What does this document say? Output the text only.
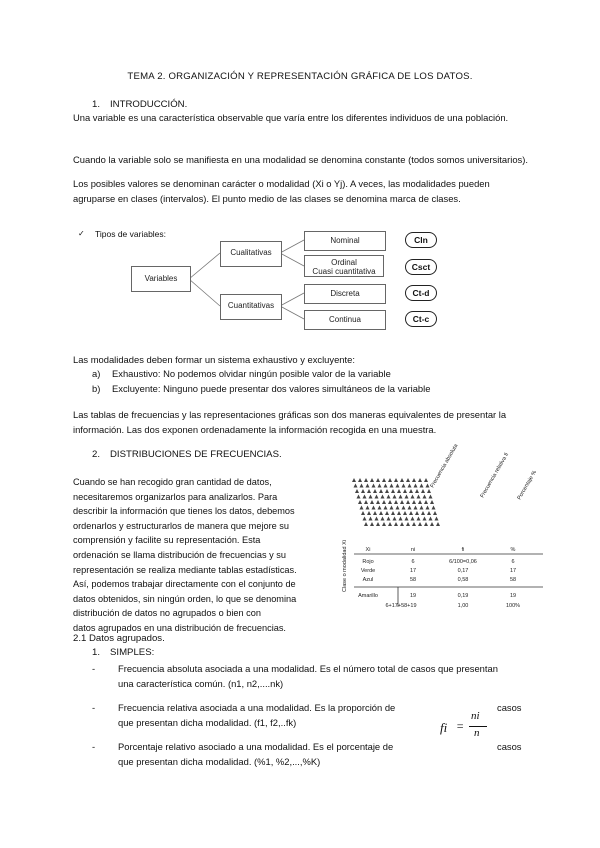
TEMA 2. ORGANIZACIÓN Y REPRESENTACIÓN GRÁFICA DE LOS DATOS.
1. INTRODUCCIÓN.
Una variable es una característica observable que varía entre los diferentes individuos de una población.
Cuando la variable solo se manifiesta en una modalidad se denomina constante (todos somos universitarios).
Los posibles valores se denominan carácter o modalidad (Xi o Yj). A veces, las modalidades pueden agruparse en clases (intervalos). El punto medio de las clases se denomina marca de clases.
✓ Tipos de variables:
Variables
Cualitativas
Cuantitativas
Nominal
Ordinal
Cuasi cuantitativa
Discreta
Continua
Cln
Csct
Ct-d
Ct-c
Las modalidades deben formar un sistema exhaustivo y excluyente:
a) Exhaustivo: No podemos olvidar ningún posible valor de la variable
b) Excluyente: Ninguno puede presentar dos valores simultáneos de la variable
Las tablas de frecuencias y las representaciones gráficas son dos maneras equivalentes de presentar la información. Las dos exponen ordenadamente la información recogida en una muestra.
2. DISTRIBUCIONES DE FRECUENCIAS.
Cuando se han recogido gran cantidad de datos,
necesitaremos organizarlos para analizarlos. Para
describir la información que tienes los datos, debemos
ordenarlos y estructurarlos de manera que mejore su
comprensión y facilite su representación. Esta
ordenación se llama distribución de frecuencias y su
representación se realiza mediante tablas estadísticas.
Así, podemos trabajar directamente con el conjunto de
datos obtenidos, sin ningún orden, lo que se denomina
distribución de datos no agrupados o bien con
datos agrupados en una distribución de frecuencias.
Frecuencia absoluta	Frecuencia relativa fi Porcentaje %
Clase o modalidad Xi	Xi	ni	fi	%
Rojo	6	6/100=0,06	6
Verde	17	0,17	17
Azul	58	0,58	58
Amarillo	19	0,19	19
6+17+58+19	1,00	100%
2.1 Datos agrupados.
1. SIMPLES:
-	Frecuencia absoluta asociada a una modalidad. Es el número total de casos que presentan
una característica común. (n1, n2,....nk)
-	Frecuencia relativa asociada a una modalidad. Es la proporción de
que presentan dicha modalidad. (f1, f2,..fk)
casos
fi =
ni
n
-	Porcentaje relativo asociado a una modalidad. Es el porcentaje de
que presentan dicha modalidad. (%1, %2,...,%K)
casos
